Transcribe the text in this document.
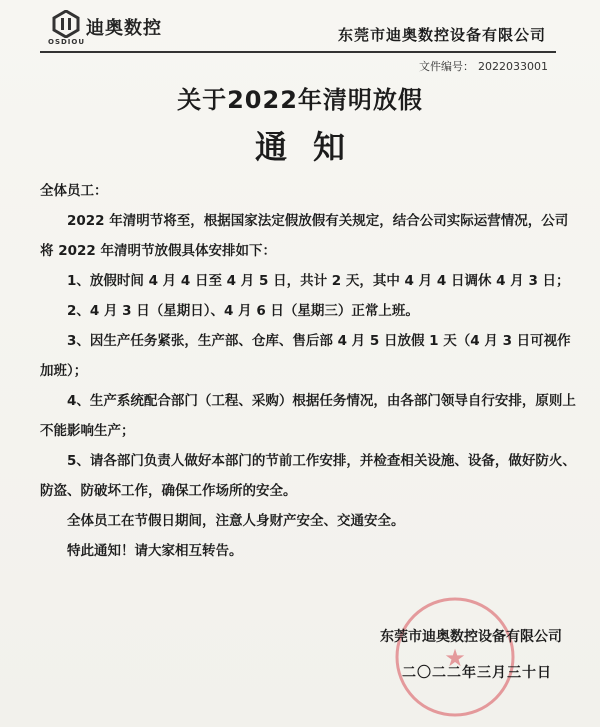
迪奥数控
OSDIOU	东莞市迪奥数控设备有限公司
文件编号： 2022033001
关于2022年清明放假
通知

全体员工：

2022 年清明节将至，根据国家法定假放假有关规定，结合公司实际运营情况，公司将 2022 年清明节放假具体安排如下：

1、放假时间 4 月 4 日至 4 月 5 日，共计 2 天，其中 4 月 4 日调休 4 月 3 日；

2、4 月 3 日（星期日）、4 月 6 日（星期三）正常上班。

3、因生产任务紧张，生产部、仓库、售后部 4 月 5 日放假 1 天（4 月 3 日可视作加班）；

4、生产系统配合部门（工程、采购）根据任务情况，由各部门领导自行安排，原则上不能影响生产；

5、请各部门负责人做好本部门的节前工作安排，并检查相关设施、设备，做好防火、防盗、防破坏工作，确保工作场所的安全。

全体员工在节假日期间，注意人身财产安全、交通安全。

特此通知！请大家相互转告。

★
东莞市迪奥数控设备有限公司
二〇二二年三月三十日
